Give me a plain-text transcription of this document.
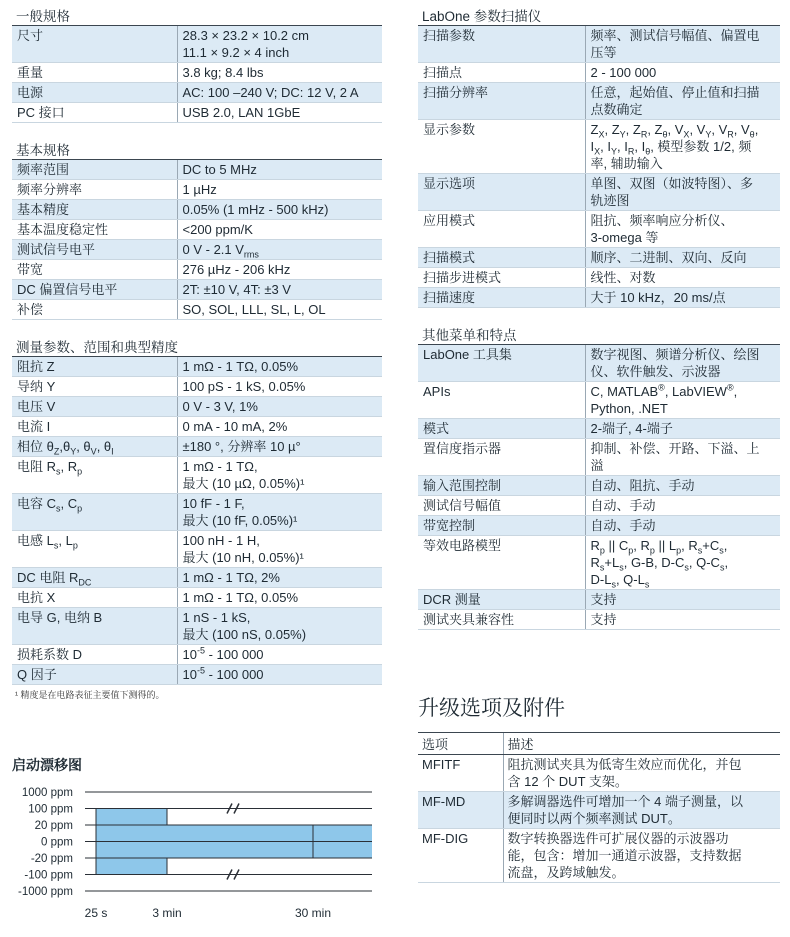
一般规格
尺寸	28.3 × 23.2 × 10.2 cm
11.1 × 9.2 × 4 inch
重量	3.8 kg; 8.4 lbs
电源	AC: 100 –240 V; DC: 12 V, 2 A
PC 接口	USB 2.0, LAN 1GbE
基本规格
频率范围	DC to 5 MHz
频率分辨率	1 µHz
基本精度	0.05% (1 mHz - 500 kHz)
基本温度稳定性	<200 ppm/K
测试信号电平	0 V - 2.1 $V_{rms}$
带宽	276 µHz - 206 kHz
DC 偏置信号电平	2T: ±10 V, 4T: ±3 V
补偿	SO, SOL, LLL, SL, L, OL
测量参数、范围和典型精度
阻抗 Z	1 mΩ - 1 TΩ, 0.05%
导纳 Y	100 pS - 1 kS, 0.05%
电压 V	0 V - 3 V, 1%
电流 I	0 mA - 10 mA, 2%
相位 $\theta_Z,\theta_Y$, $\theta_V$, $\theta_I$	±180 °, 分辨率 10 µ°
电阻 $R_s$, $R_p$	1 mΩ - 1 TΩ,
最大 (10 µΩ, 0.05%)¹
电容 $C_s$, $C_p$	10 fF - 1 F,
最大 (10 fF, 0.05%)¹
电感 $L_s$, $L_p$	100 nH - 1 H,
最大 (10 nH, 0.05%)¹
DC 电阻 $R_{DC}$	1 mΩ - 1 TΩ, 2%
电抗 X	1 mΩ - 1 TΩ, 0.05%
电导 G, 电纳 B	1 nS - 1 kS,
最大 (100 nS, 0.05%)
损耗系数 D	$10^{-5} - 100$ 000
Q 因子	$10^{-5} - 100$ 000
¹ 精度是在电路表征主要值下测得的。
LabOne 参数扫描仪
扫描参数	频率、测试信号幅值、偏置电
压等
扫描点	2 - 100 000
扫描分辨率	任意，起始值、停止值和扫描
点数确定
显示参数	$Z_X$, $Z_Y$, $Z_R$, $Z_\theta$, $V_X$, $V_Y$, $V_R$, $V_\theta$,
$I_X$, $I_Y$, $I_R$, $I_\theta$, 模型参数 1/2, 频
率, 辅助输入
显示选项	单图、双图（如波特图）、多
轨迹图
应用模式	阻抗、频率响应分析仪、
3-omega 等
扫描模式	顺序、二进制、双向、反向
扫描步进模式	线性、对数
扫描速度	大于 10 kHz，20 ms/点
其他菜单和特点
LabOne 工具集	数字视图、频谱分析仪、绘图
仪、软件触发、示波器
APIs	C, MATLAB®, LabVIEW®,
Python, .NET
模式	2-端子, 4-端子
置信度指示器	抑制、补偿、开路、下溢、上
溢
输入范围控制	自动、阻抗、手动
测试信号幅值	自动、手动
带宽控制	自动、手动
等效电路模型	$R_p$ || $C_p$, $R_p$ || $L_p$, $R_s+C_s$,
$R_s+L_s$, G-B, $D-C_s$, $Q-C_s$,
$D-L_s$, $Q-L_s$
DCR 测量	支持
测试夹具兼容性	支持
升级选项及附件
选项	描述
MFITF	阻抗测试夹具为低寄生效应而优化，并包
含 12 个 DUT 支架。
MF-MD	多解调器选件可增加一个 4 端子测量，以
便同时以两个频率测试 DUT。
MF-DIG	数字转换器选件可扩展仪器的示波器功
能，包含：增加一通道示波器，支持数据
流盘，及跨域触发。
启动漂移图
1000 ppm
100 ppm
20 ppm
0 ppm
-20 ppm
-100 ppm
-1000 ppm
25 s	3 min	30 min
